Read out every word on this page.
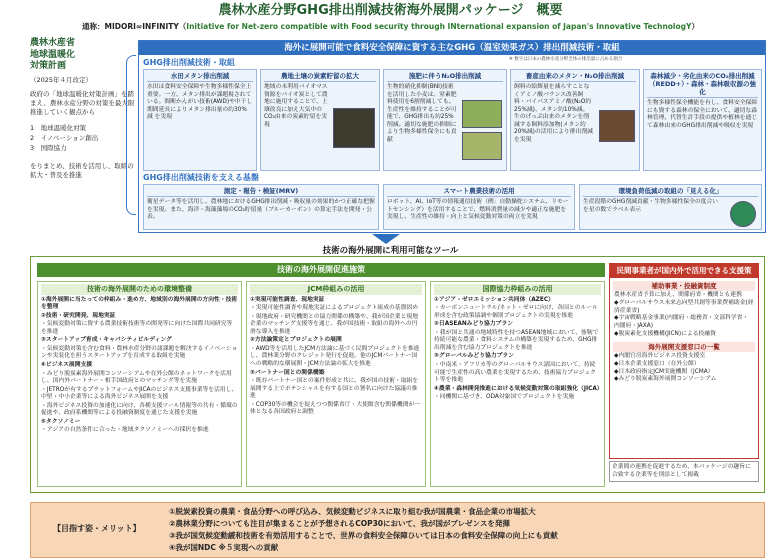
農林水産分野GHG排出削減技術海外展開パッケージ　概要
通称：MIDORI∞INFINITY（Initiative for Net-zero compatible with Food security through INternational expansion of Japan's Innovative TechnologY）
農林水産省
地球温暖化
対策計画
（2025年４月改定）
政府の「地球温暖化対策計画」を踏まえ、農林水産分野の対策を最大限推進していく観点から
1　地球温暖化対策
2　イノベーション創出
3　国際協力
をりまとめ、技術を活用し、取組の拡大・普及を推進
海外に展開可能で食料安全保障に資する主なGHG（温室効果ガス）排出削減技術・取組
※ 数字は日本の農林水産分野全体の排出量に占める割合
GHG排出削減技術・取組
水田メタン排出削減
水田は食料安全保障や生物多様性保全上重要。一方、メタン排出が課題視されている。間断かんがい技術(AWD)や中干し期間延長によりメタン排出量の約30% 減 を実現
農地土壌の炭素貯留の拡大
地域の未利用バイオマス資源をバイオ炭として農地に施用することで、土壌改良に加え大気中のCO₂由来の炭素貯留を実現
施肥に伴うN₂O排出削減
生物的硝化抑制(BNI)技術を活用した小麦は、窒素肥料使用を6割削減しても、生産性を維持することが可能で、GHG排出も約25%削減。適切な施肥の抑制により生物多様性保全にも貢献
畜産由来のメタン・N₂O排出削減
飼料の給餌量を減らすことなくアミノ酸バランス改善飼料・バイパスアミノ酸(N₂O約25%減)、メタン約10%減。牛のげっぷ由来のメタンを削減する飼料添加物(メタン約20%減)の活用により排出削減を実現
森林減少・劣化由来のCO₂排出削減（REDD+）・森林・森林吸収源の強化
生物多様性保全機能を有し、食料安全保障にも資する森林の保全において、適切な森林管理、代替生計手段の提供や植林を通じて森林由来のGHG排出削減や吸収を実現
GHG排出削減技術を支える基盤
測定・報告・検証(MRV)
衛星データ等を活用し、農林地におけるGHG排出削減・吸収量の効果的かつ正確な把握を実現。また、海洋・海藻藻場のCO₂貯留量（ブルーカーボン）の算定手法を開発・公表。
スマート農業技術の活用
ロボット、AI、IoT等の情報通信技術（例：自動操舵システム、リモートセンシング）を活用することで、燃料消費量の減少や適正な施肥を実現し、生産性の維持・向上と気候変動対策の両立を実現
環境負荷低減の取組の「見える化」
生産段階のGHG削減貢献・生物多様性保全の度合いを星の数でラベル表示
技術の海外展開に利用可能なツール
技術の海外展開促進施策
技術の海外展開のための環境整備
①海外展開に当たっての枠組み・進め方、地域別の海外展開の方向性・技術を整理
②技術・研究開発、現地実証
・気候変動対策に資する農業技術技術等の開発等に向けた国際共同研究等を推進
③スタートアップ育成・キャパシティビルディング
・気候変動対策を含む食料・農林水産分野の諸課題を解決するイノベーションや実装化を担うスタートアップを育成する取組を実施
④ビジネス展開支援
・みどり脱炭素海外展開コンソーシアムや在外公館のネットワークを活用し、国内外パートナー・相手国政府とのマッチング等を実施
・JETROが有するプラットフォームやJICAのビジネス支援事業等を活用し、中堅・中小企業等による海外ビジネス展開を支援
・海外ビジネス投資の加速化に向け、各種支援ツール情報等の共有・循環の促進や、政府系機関等による投融資制度を通じた支援を実施
⑤タクソノミー
・アジアの自然条件に合った・地域タクソノミーへの採択を推進
JCM枠組みの活用
①実現可能性調査、現地実証
・実現可能性調査や現地実証によるプロジェクト組成の基盤固め
・現地政府・研究機関との協力関係の構築や、我が国企業と現地企業のマッチング支援等を通じ、我が国技術・取組の海外への円滑な導入を推進
②方法論策定とプロジェクトの展開
・AWD等を活用したJCM方法論に基づく民間プロジェクトを推進し、農林業分野のクレジット発行を促進。他のJCMパートナー国への戦略的な横展開・JCM方法論の拡大を推進
③パートナー国との関係構築
・既存パートナー国との案件形成と共に、我が国の技術・取組を展開する上でポテンシャルを有する国との署名に向けた協議の推進
・COP30等の機会を捉えつつ関係省庁・大使館含む関係機関が一体となる各国政府と調整
国際協力枠組みの活用
①アジア・ゼロエミッション共同体（AZEC）
・カーボンニュートラル/ネット・ゼロに向け、各国とのルール形成を含む政策協調や個別プロジェクトの実現を推進
②日ASEANみどり協力プラン
・我が国と共通の地域特性を持つASEAN地域において、強靭で持続可能な農業・食料システムの構築を実現するため、GHG排出削減を含む協力プロジェクトを推進
③グローバルみどり協力プラン
・中南米・アフリカ等のグローバルサウス諸国において、持続可能で生産性の高い農業を実現するため、技術協力プロジェクト等を推進
④農業・森林開発推進における気候変動対策の取組強化（JICA）
・同機関に基づき、ODA対象国でプロジェクトを実施
民間事業者が国内外で活用できる支援策
補助事業・投融資制度
農林水産省予算に加え、関係府省・機関とも連携
◆グローバルサウス未来志向型共創等事業費補助金(経済産業省)
◆宇宙戦略基金事業(内閣府・総務省・文部科学省・内閣府・JAXA)
◆脱炭素化支援機構(JICN)による投融資
海外展開支援窓口の一覧
◆内閣官房海外ビジネス投資支援室
◆日本企業支援窓口（在外公館）
◆日本政府指定JCM実施機関（JCMA）
◆みどり脱炭素海外展開コンソーシアム
企業間の連携を促進するため、本パッケージの趣旨に合致する企業等を別添として掲載
【目指す姿・メリット】
①脱炭素投資の農業・食品分野への呼び込み、気候変動ビジネスに取り組む我が国農業・食品企業の市場拡大
②農林業分野についても注目が集まることが予想されるCOP30において、我が国がプレゼンスを発揮
③我が国気候変動緩和技術を有効活用することで、世界の食料安全保障ひいては日本の食料安全保障の向上にも貢献
④我が国NDC ※５実現への貢献
